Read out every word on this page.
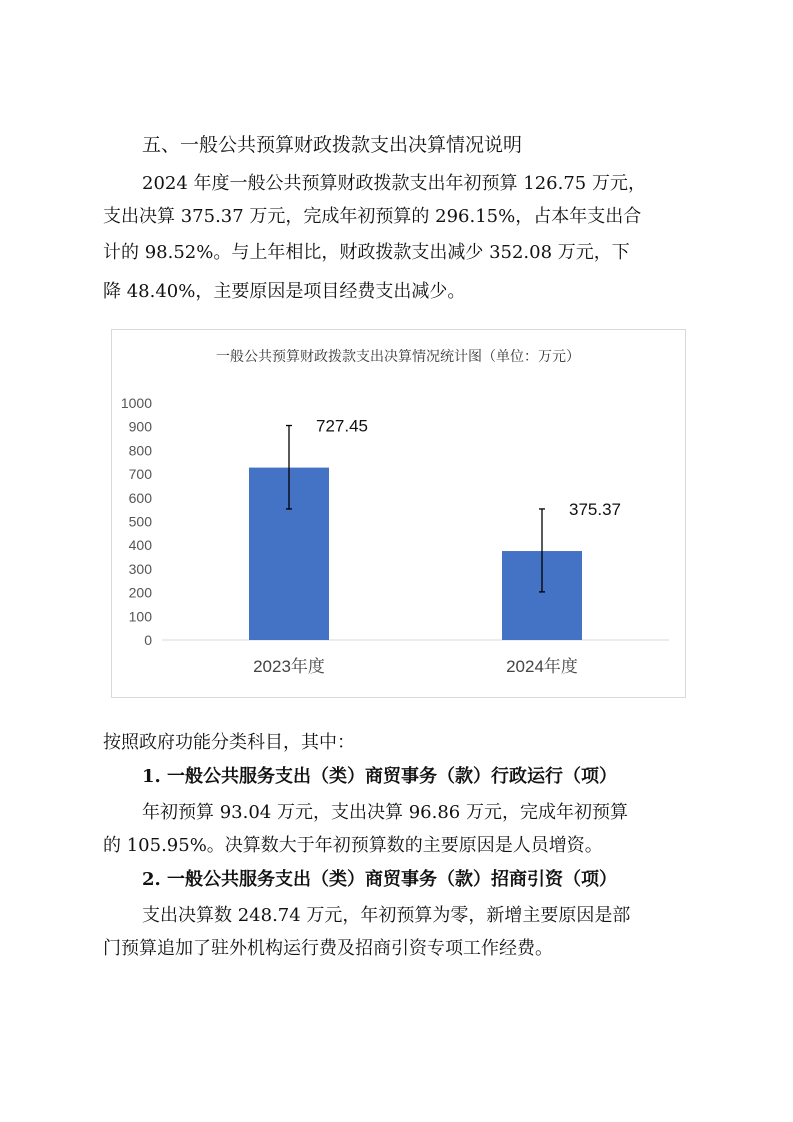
五、一般公共预算财政拨款支出决算情况说明
2024 年度一般公共预算财政拨款支出年初预算 126.75 万元，
支出决算 375.37 万元，完成年初预算的 296.15%，占本年支出合
计的 98.52%。与上年相比，财政拨款支出减少 352.08 万元，下
降 48.40%，主要原因是项目经费支出减少。
一般公共预算财政拨款支出决算情况统计图（单位：万元）
0
100
200
300
400
500
600
700
800
900
1000
727.45
2023年度
375.37
2024年度
按照政府功能分类科目，其中：
1. 一般公共服务支出（类）商贸事务（款）行政运行（项）
年初预算 93.04 万元，支出决算 96.86 万元，完成年初预算
的 105.95%。决算数大于年初预算数的主要原因是人员增资。
2. 一般公共服务支出（类）商贸事务（款）招商引资（项）
支出决算数 248.74 万元，年初预算为零，新增主要原因是部
门预算追加了驻外机构运行费及招商引资专项工作经费。
